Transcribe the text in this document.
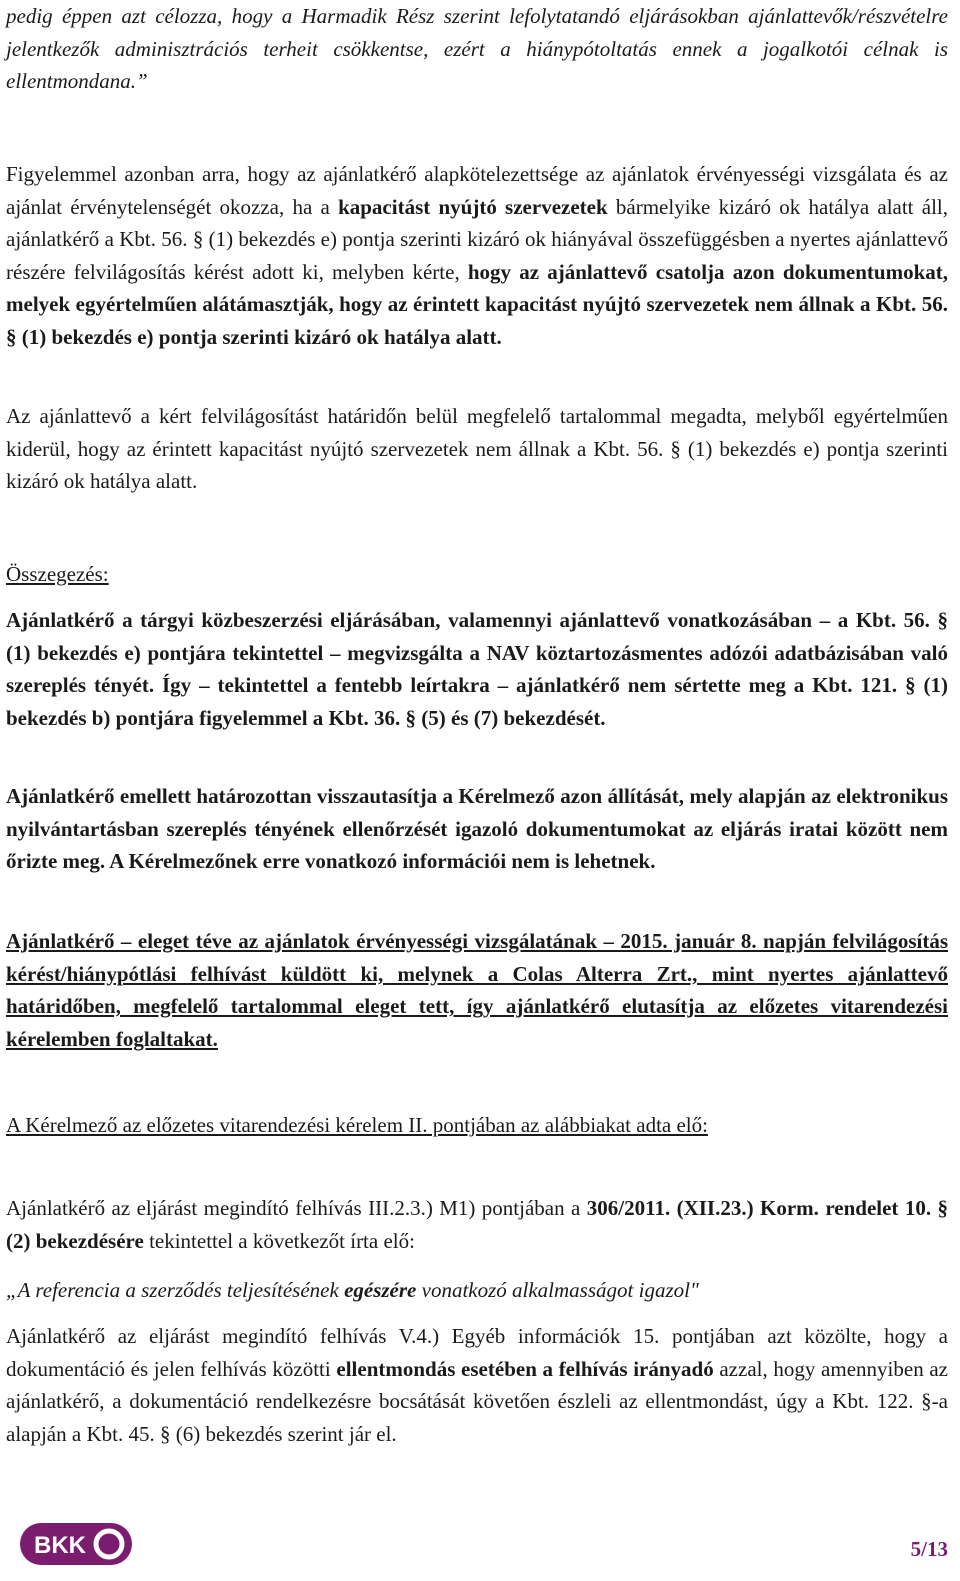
pedig éppen azt célozza, hogy a Harmadik Rész szerint lefolytatandó eljárásokban ajánlattevők/részvételre jelentkezők adminisztrációs terheit csökkentse, ezért a hiánypótoltatás ennek a jogalkotói célnak is ellentmondana.”

Figyelemmel azonban arra, hogy az ajánlatkérő alapkötelezettsége az ajánlatok érvényességi vizsgálata és az ajánlat érvénytelenségét okozza, ha a kapacitást nyújtó szervezetek bármelyike kizáró ok hatálya alatt áll, ajánlatkérő a Kbt. 56. § (1) bekezdés e) pontja szerinti kizáró ok hiányával összefüggésben a nyertes ajánlattevő részére felvilágosítás kérést adott ki, melyben kérte, hogy az ajánlattevő csatolja azon dokumentumokat, melyek egyértelműen alátámasztják, hogy az érintett kapacitást nyújtó szervezetek nem állnak a Kbt. 56. § (1) bekezdés e) pontja szerinti kizáró ok hatálya alatt.

Az ajánlattevő a kért felvilágosítást határidőn belül megfelelő tartalommal megadta, melyből egyértelműen kiderül, hogy az érintett kapacitást nyújtó szervezetek nem állnak a Kbt. 56. § (1) bekezdés e) pontja szerinti kizáró ok hatálya alatt.

Összegezés:

Ajánlatkérő a tárgyi közbeszerzési eljárásában, valamennyi ajánlattevő vonatkozásában – a Kbt. 56. § (1) bekezdés e) pontjára tekintettel – megvizsgálta a NAV köztartozásmentes adózói adatbázisában való szereplés tényét. Így – tekintettel a fentebb leírtakra – ajánlatkérő nem sértette meg a Kbt. 121. § (1) bekezdés b) pontjára figyelemmel a Kbt. 36. § (5) és (7) bekezdését.

Ajánlatkérő emellett határozottan visszautasítja a Kérelmező azon állítását, mely alapján az elektronikus nyilvántartásban szereplés tényének ellenőrzését igazoló dokumentumokat az eljárás iratai között nem őrizte meg. A Kérelmezőnek erre vonatkozó információi nem is lehetnek.

Ajánlatkérő – eleget téve az ajánlatok érvényességi vizsgálatának – 2015. január 8. napján felvilágosítás kérést/hiánypótlási felhívást küldött ki, melynek a Colas Alterra Zrt., mint nyertes ajánlattevő határidőben, megfelelő tartalommal eleget tett, így ajánlatkérő elutasítja az előzetes vitarendezési kérelemben foglaltakat.

A Kérelmező az előzetes vitarendezési kérelem II. pontjában az alábbiakat adta elő:

Ajánlatkérő az eljárást megindító felhívás III.2.3.) M1) pontjában a 306/2011. (XII.23.) Korm. rendelet 10. § (2) bekezdésére tekintettel a következőt írta elő:

„A referencia a szerződés teljesítésének egészére vonatkozó alkalmasságot igazol"

Ajánlatkérő az eljárást megindító felhívás V.4.) Egyéb információk 15. pontjában azt közölte, hogy a dokumentáció és jelen felhívás közötti ellentmondás esetében a felhívás irányadó azzal, hogy amennyiben az ajánlatkérő, a dokumentáció rendelkezésre bocsátását követően észleli az ellentmondást, úgy a Kbt. 122. §-a alapján a Kbt. 45. § (6) bekezdés szerint jár el.

BKK	5/13
